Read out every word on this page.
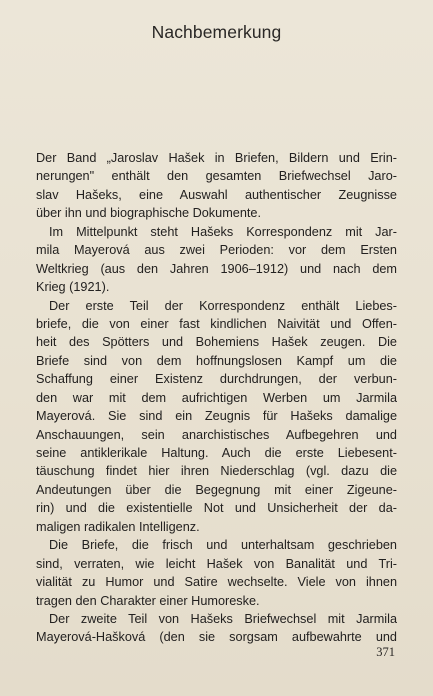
Nachbemerkung
Der Band „Jaroslav Hašek in Briefen, Bildern und Erin-
nerungen" enthält den gesamten Briefwechsel Jaro-
slav Hašeks, eine Auswahl authentischer Zeugnisse
über ihn und biographische Dokumente.
Im Mittelpunkt steht Hašeks Korrespondenz mit Jar-
mila Mayerová aus zwei Perioden: vor dem Ersten
Weltkrieg (aus den Jahren 1906–1912) und nach dem
Krieg (1921).
Der erste Teil der Korrespondenz enthält Liebes-
briefe, die von einer fast kindlichen Naivität und Offen-
heit des Spötters und Bohemiens Hašek zeugen. Die
Briefe sind von dem hoffnungslosen Kampf um die
Schaffung einer Existenz durchdrungen, der verbun-
den war mit dem aufrichtigen Werben um Jarmila
Mayerová. Sie sind ein Zeugnis für Hašeks damalige
Anschauungen, sein anarchistisches Aufbegehren und
seine antiklerikale Haltung. Auch die erste Liebesent-
täuschung findet hier ihren Niederschlag (vgl. dazu die
Andeutungen über die Begegnung mit einer Zigeune-
rin) und die existentielle Not und Unsicherheit der da-
maligen radikalen Intelligenz.
Die Briefe, die frisch und unterhaltsam geschrieben
sind, verraten, wie leicht Hašek von Banalität und Tri-
vialität zu Humor und Satire wechselte. Viele von ihnen
tragen den Charakter einer Humoreske.
Der zweite Teil von Hašeks Briefwechsel mit Jarmila
Mayerová-Hašková (den sie sorgsam aufbewahrte und
371
